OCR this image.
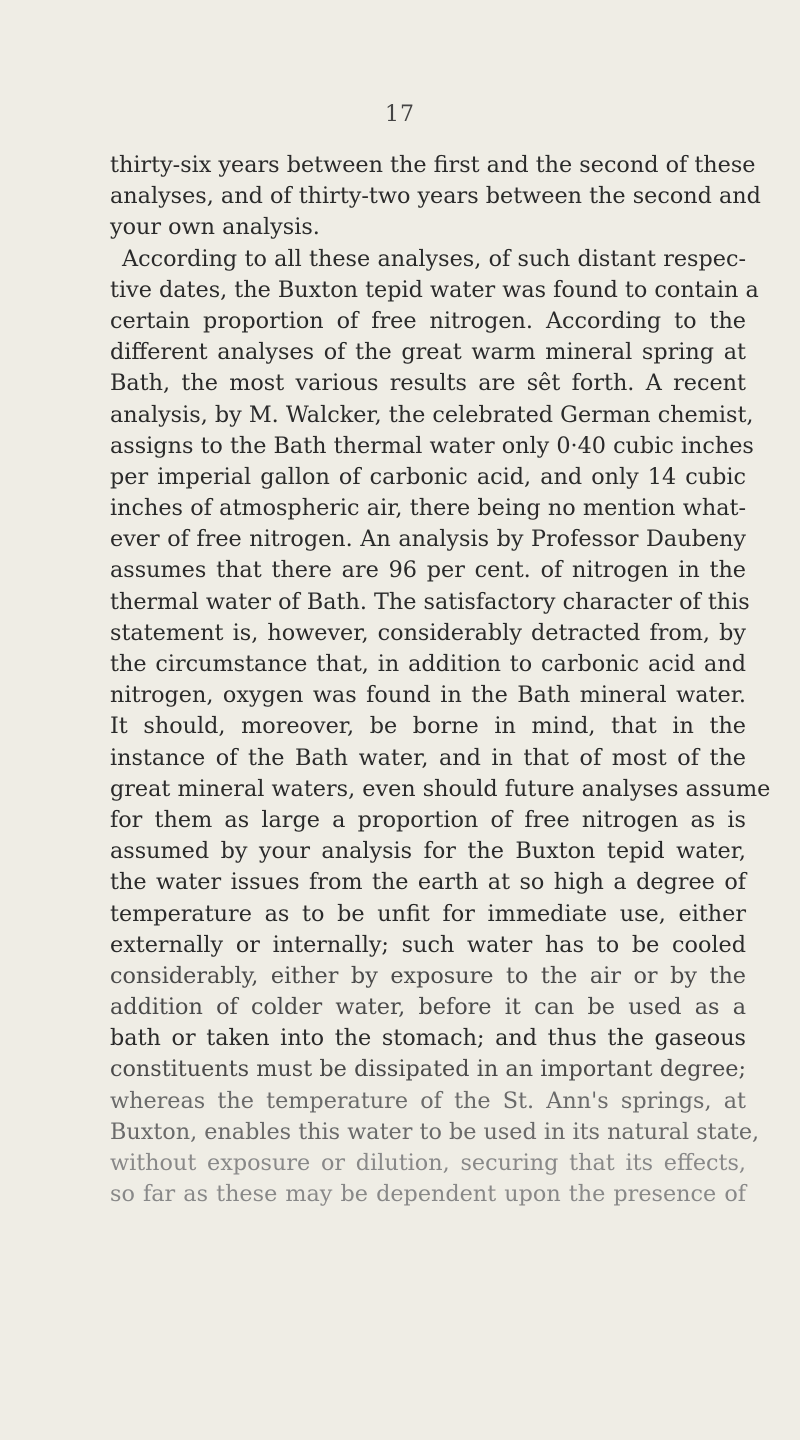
17
thirty-six years between the first and the second of these
analyses, and of thirty-two years between the second and
your own analysis.
According to all these analyses, of such distant respec-
tive dates, the Buxton tepid water was found to contain a
certain proportion of free nitrogen. According to the
different analyses of the great warm mineral spring at
Bath, the most various results are sêt forth. A recent
analysis, by M. Walcker, the celebrated German chemist,
assigns to the Bath thermal water only 0·40 cubic inches
per imperial gallon of carbonic acid, and only 14 cubic
inches of atmospheric air, there being no mention what-
ever of free nitrogen. An analysis by Professor Daubeny
assumes that there are 96 per cent. of nitrogen in the
thermal water of Bath. The satisfactory character of this
statement is, however, considerably detracted from, by
the circumstance that, in addition to carbonic acid and
nitrogen, oxygen was found in the Bath mineral water.
It should, moreover, be borne in mind, that in the
instance of the Bath water, and in that of most of the
great mineral waters, even should future analyses assume
for them as large a proportion of free nitrogen as is
assumed by your analysis for the Buxton tepid water,
the water issues from the earth at so high a degree of
temperature as to be unfit for immediate use, either
externally or internally; such water has to be cooled
considerably, either by exposure to the air or by the
addition of colder water, before it can be used as a
bath or taken into the stomach; and thus the gaseous
constituents must be dissipated in an important degree;
whereas the temperature of the St. Ann's springs, at
Buxton, enables this water to be used in its natural state,
without exposure or dilution, securing that its effects,
so far as these may be dependent upon the presence of
